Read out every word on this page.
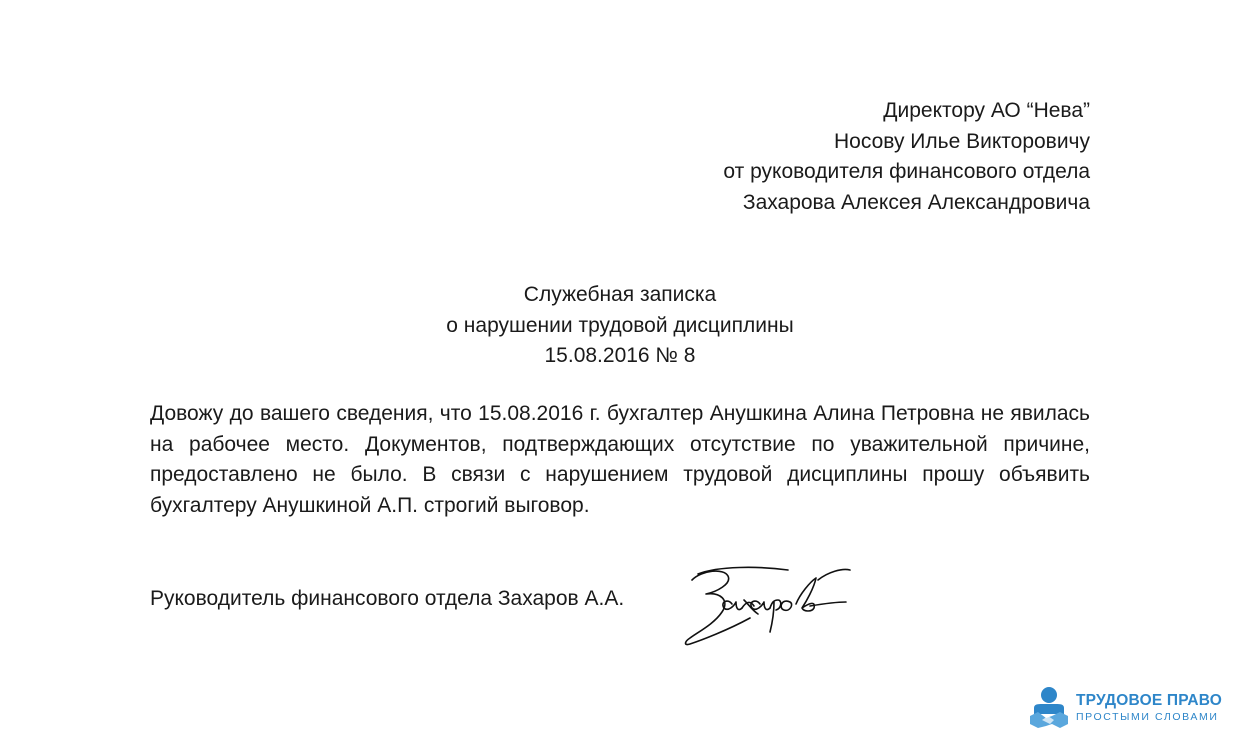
Директору АО “Нева”
Носову Илье Викторовичу
от руководителя финансового отдела
Захарова Алексея Александровича
Служебная записка
о нарушении трудовой дисциплины
15.08.2016 № 8
Довожу до вашего сведения, что 15.08.2016 г. бухгалтер Анушкина Алина Петровна не явилась на рабочее место. Документов, подтверждающих отсутствие по уважительной причине, предоставлено не было. В связи с нарушением трудовой дисциплины прошу объявить бухгалтеру Анушкиной А.П. строгий выговор.
Руководитель финансового отдела Захаров А.А.
ТРУДОВОЕ ПРАВО
ПРОСТЫМИ СЛОВАМИ
